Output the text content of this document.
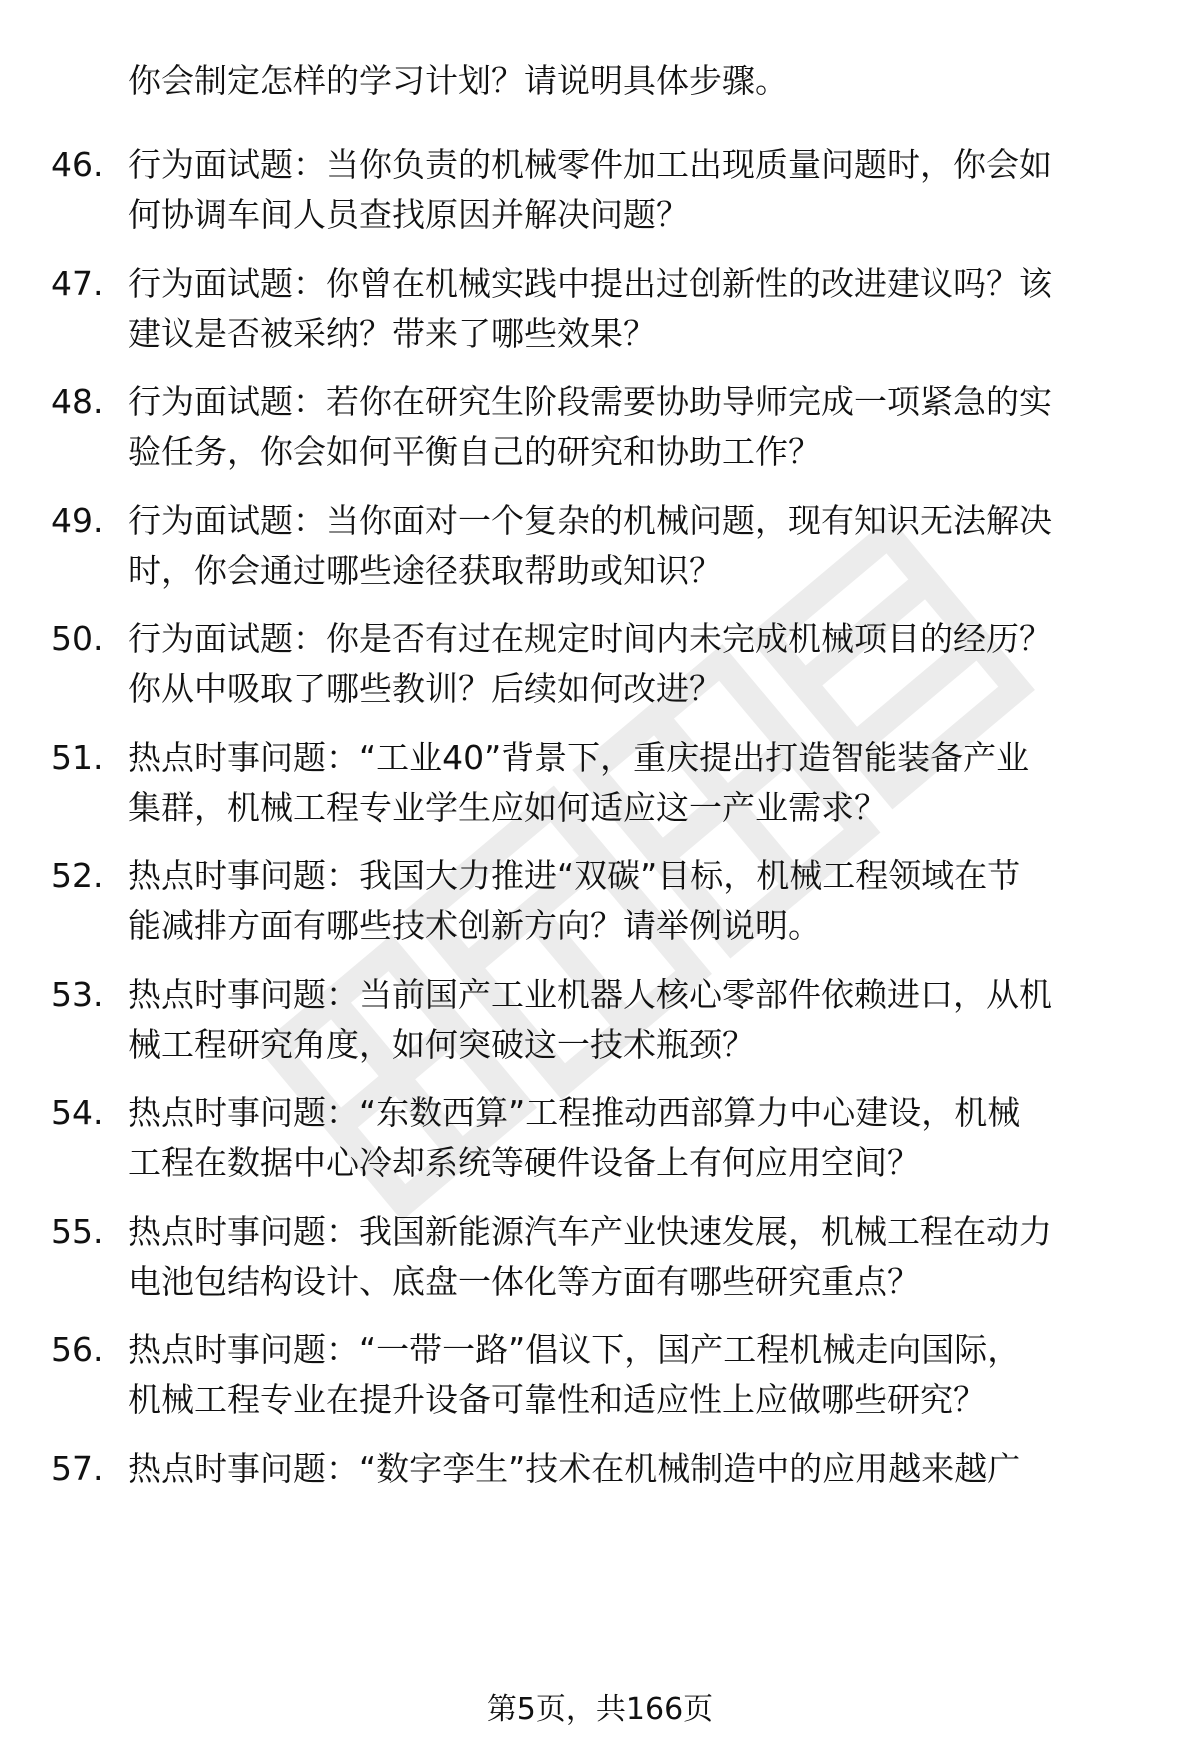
你会制定怎样的学习计划？请说明具体步骤。
46. 行为面试题：当你负责的机械零件加工出现质量问题时，你会如
何协调车间人员查找原因并解决问题？
47. 行为面试题：你曾在机械实践中提出过创新性的改进建议吗？该
建议是否被采纳？带来了哪些效果？
48. 行为面试题：若你在研究生阶段需要协助导师完成一项紧急的实
验任务，你会如何平衡自己的研究和协助工作？
49. 行为面试题：当你面对一个复杂的机械问题，现有知识无法解决
时，你会通过哪些途径获取帮助或知识？
50. 行为面试题：你是否有过在规定时间内未完成机械项目的经历？
你从中吸取了哪些教训？后续如何改进？
51. 热点时事问题：“工业40”背景下，重庆提出打造智能装备产业
集群，机械工程专业学生应如何适应这一产业需求？
52. 热点时事问题：我国大力推进“双碳”目标，机械工程领域在节
能减排方面有哪些技术创新方向？请举例说明。
53. 热点时事问题：当前国产工业机器人核心零部件依赖进口，从机
械工程研究角度，如何突破这一技术瓶颈？
54. 热点时事问题：“东数西算”工程推动西部算力中心建设，机械
工程在数据中心冷却系统等硬件设备上有何应用空间？
55. 热点时事问题：我国新能源汽车产业快速发展，机械工程在动力
电池包结构设计、底盘一体化等方面有哪些研究重点？
56. 热点时事问题：“一带一路”倡议下，国产工程机械走向国际，
机械工程专业在提升设备可靠性和适应性上应做哪些研究？
57. 热点时事问题：“数字孪生”技术在机械制造中的应用越来越广
第5页，共166页
